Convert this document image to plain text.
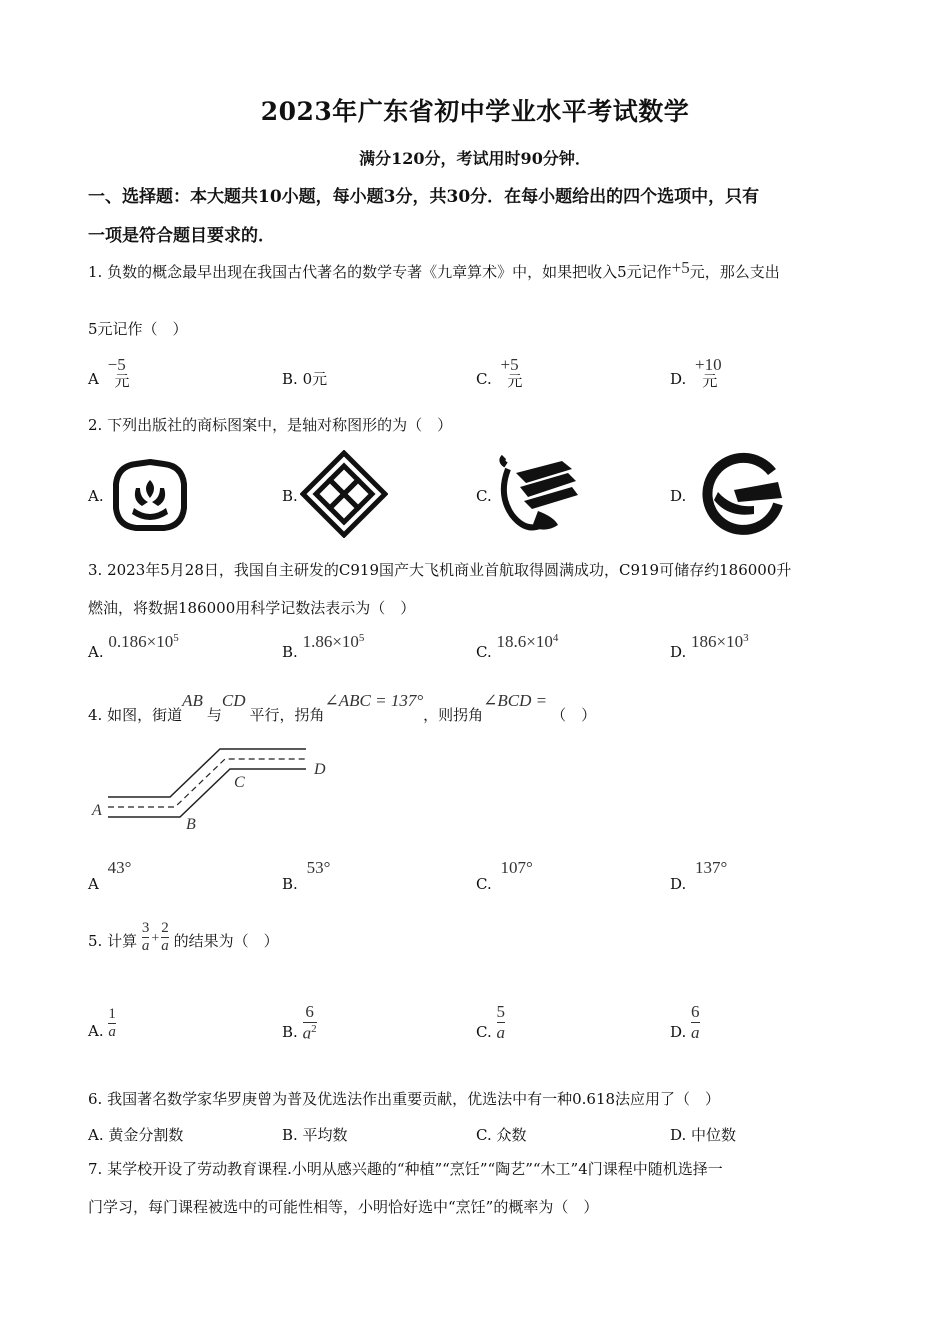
2023年广东省初中学业水平考试数学
满分120分，考试用时90分钟．
一、选择题：本大题共10小题，每小题3分，共30分．在每小题给出的四个选项中，只有
一项是符合题目要求的．
1. 负数的概念最早出现在我国古代著名的数学专著《九章算术》中，如果把收入5元记作+5元，那么支出
5元记作（　）
A −5 元	B. 0元	C. +5 元	D. +10 元
2. 下列出版社的商标图案中，是轴对称图形的为（　）
A.	B.	C.	D.
3. 2023年5月28日，我国自主研发的C919国产大飞机商业首航取得圆满成功，C919可储存约186000升
燃油，将数据186000用科学记数法表示为（　）
A. $0.186\times 10^5$
B. $1.86\times 10^5$
C. $18.6\times 10^4$
D. $186\times 10^3$
4. 如图，街道AB与CD平行，拐角∠ABC = 137°，则拐角∠BCD =（　）
A
B
C
D
A 43°
B. 53°
C. 107°
D. 137°
5. 计算 $\frac{3}{a} + \frac{2}{a}$ 的结果为（　）
A. $\frac{1}{a}$	B. $\frac{6}{a^2}$	C. $\frac{5}{a}$	D. $\frac{6}{a}$
6. 我国著名数学家华罗庚曾为普及优选法作出重要贡献，优选法中有一种0.618法应用了（　）
A. 黄金分割数	B. 平均数	C. 众数	D. 中位数
7. 某学校开设了劳动教育课程.小明从感兴趣的“种植”“烹饪”“陶艺”“木工”4门课程中随机选择一
门学习，每门课程被选中的可能性相等，小明恰好选中“烹饪”的概率为（　）
